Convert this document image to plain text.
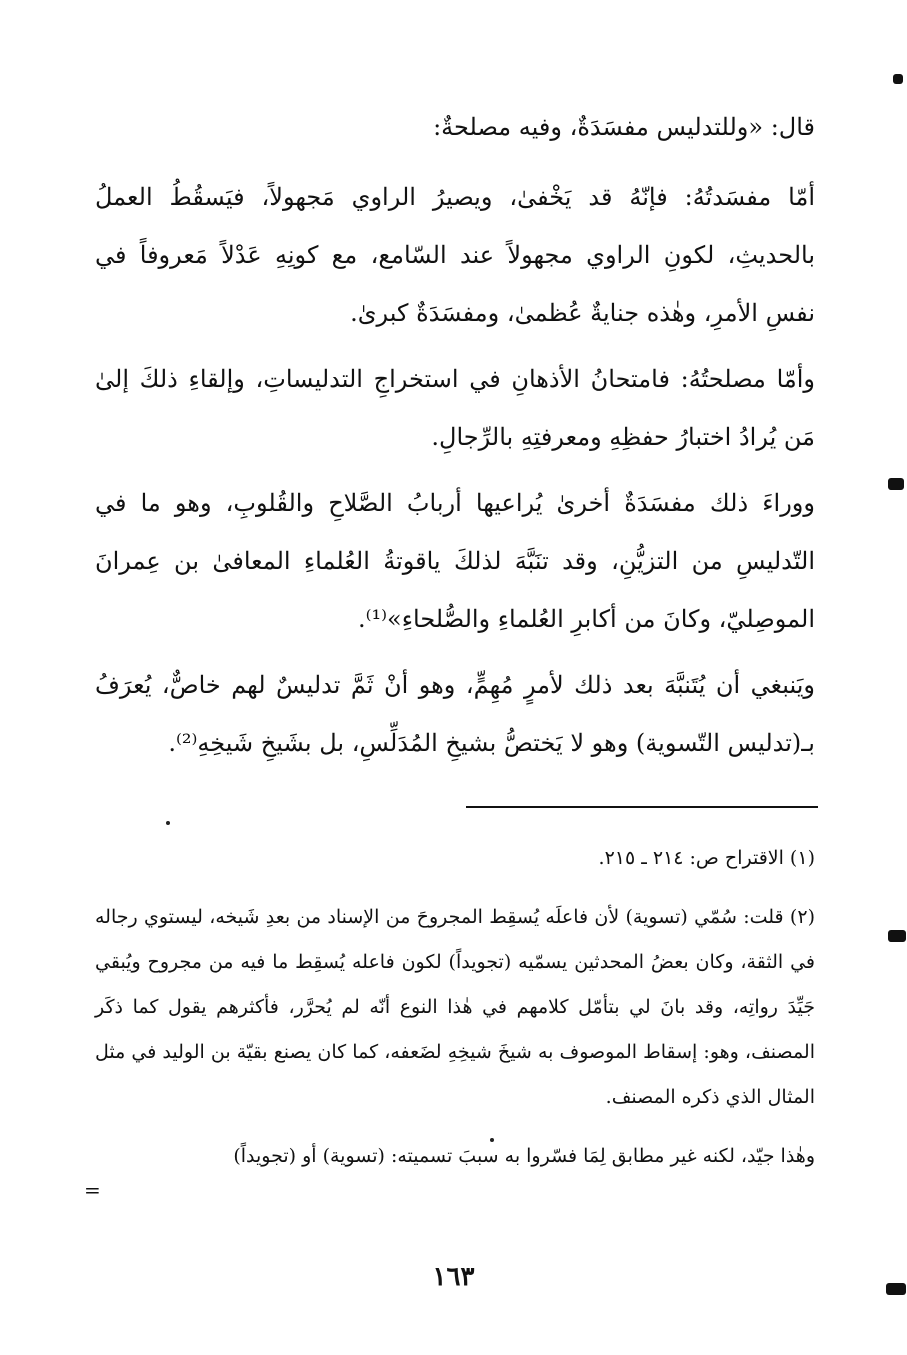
قال: «وللتدليس مفسَدَةٌ، وفيه مصلحةٌ:

أمّا مفسَدتُهُ: فإنّهُ قد يَخْفىٰ، ويصيرُ الراوي مَجهولاً، فيَسقُطُ العملُ بالحديثِ، لكونِ الراوي مجهولاً عند السّامع، مع كونِهِ عَدْلاً مَعروفاً في نفسِ الأمرِ، وهٰذه جنايةٌ عُظمىٰ، ومفسَدَةٌ كبرىٰ.

وأمّا مصلحتُهُ: فامتحانُ الأذهانِ في استخراجِ التدليساتِ، وإلقاءِ ذلكَ إلىٰ مَن يُرادُ اختبارُ حفظِهِ ومعرفتِهِ بالرِّجالِ.

ووراءَ ذلك مفسَدَةٌ أخرىٰ يُراعيها أربابُ الصَّلاحِ والقُلوبِ، وهو ما في التّدليسِ من التزيُّنِ، وقد تنَبَّهَ لذلكَ ياقوتةُ العُلماءِ المعافىٰ بن عِمرانَ الموصِليّ، وكانَ من أكابرِ العُلماءِ والصُّلحاءِ»⁽¹⁾.

ويَنبغي أن يُتَنبَّهَ بعد ذلك لأمرٍ مُهِمٍّ، وهو أنْ ثَمَّ تدليسٌ لهم خاصٌّ، يُعرَفُ بـ(تدليس التّسوية) وهو لا يَختصُّ بشيخِ المُدَلِّسِ، بل بشَيخِ شَيخِهِ⁽²⁾.

(١) الاقتراح ص: ٢١٤ ـ ٢١٥.

(٢) قلت: سُمّي (تسوية) لأن فاعلَه يُسقِط المجروحَ من الإسناد من بعدِ شَيخه، ليستوي رجاله في الثقة، وكان بعضُ المحدثين يسمّيه (تجويداً) لكون فاعله يُسقِط ما فيه من مجروح ويُبقي جَيِّدَ رواتِه، وقد بانَ لي بتأمّل كلامهم في هٰذا النوع أنّه لم يُحرَّر، فأكثرهم يقول كما ذكَر المصنف، وهو: إسقاط الموصوف به شيخَ شيخِهِ لضَعفه، كما كان يصنع بقيّة بن الوليد في مثل المثال الذي ذكره المصنف.

وهٰذا جيّد، لكنه غير مطابق لِمَا فسّروا به سببَ تسميته: (تسوية) أو (تجويداً)

=
١٦٣
